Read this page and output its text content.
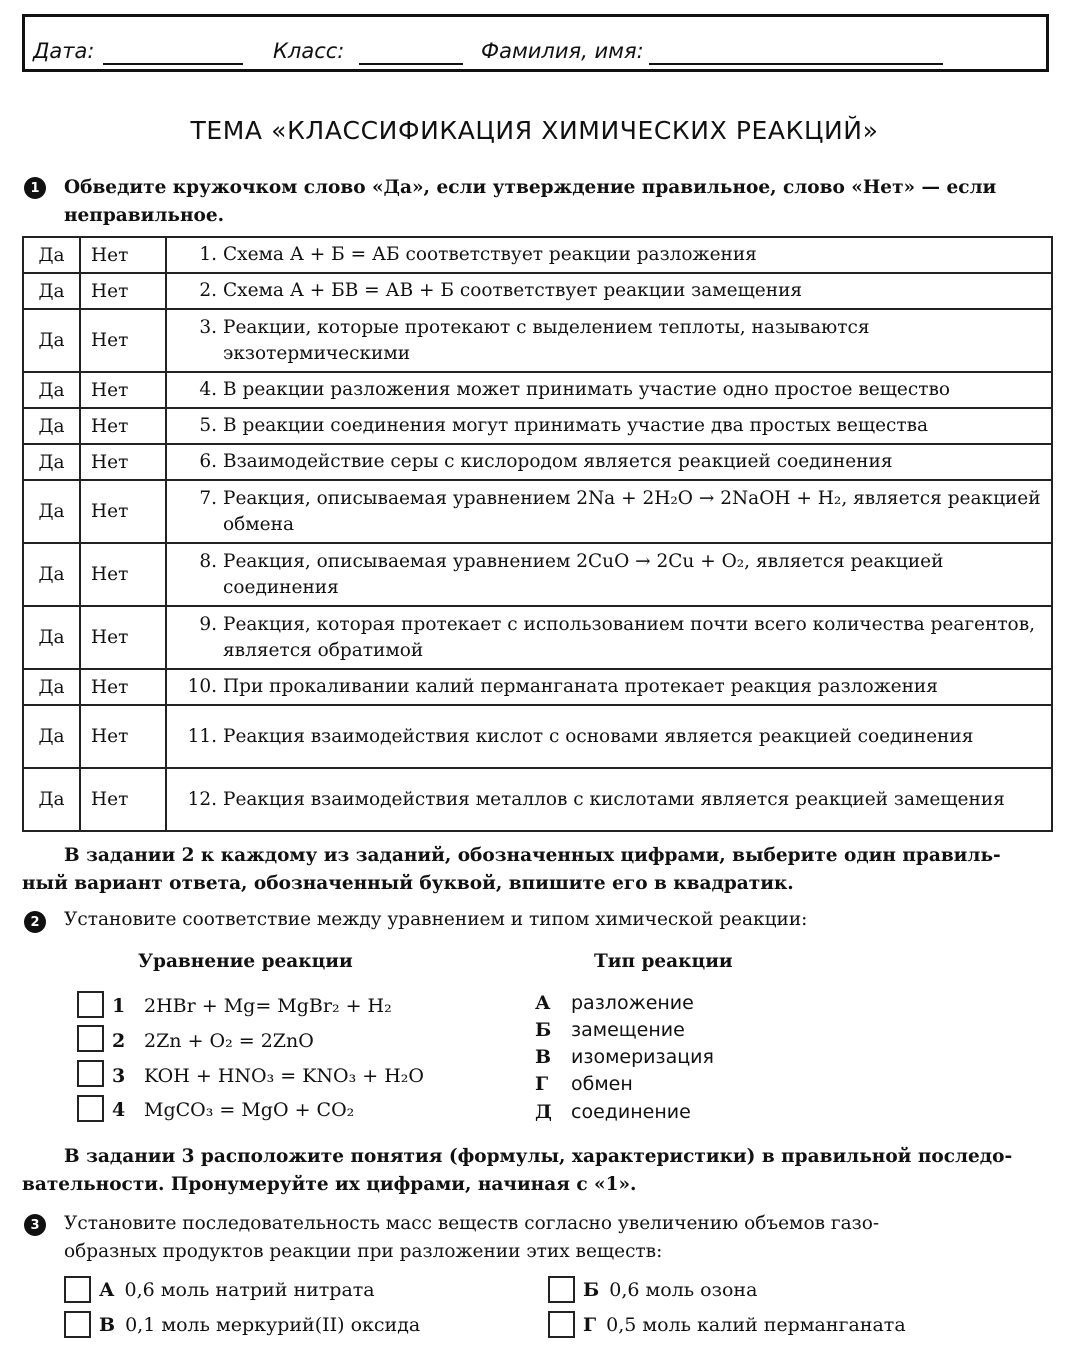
Дата:	Класс:	Фамилия, имя:
ТЕМА «КЛАССИФИКАЦИЯ ХИМИЧЕСКИХ РЕАКЦИЙ»
1	Обведите кружочком слово «Да», если утверждение правильное, слово «Нет» — если
неправильное.
Да	Нет	1. Схема А + Б = АБ соответствует реакции разложения

Да	Нет	2. Схема А + БВ = АВ + Б соответствует реакции замещения

Да	Нет	3. Реакции, которые протекают с выделением теплоты, называются экзотермическими

Да	Нет	4. В реакции разложения может принимать участие одно простое вещество

Да	Нет	5. В реакции соединения могут принимать участие два простых вещества

Да	Нет	6. Взаимодействие серы с кислородом является реакцией соединения

Да	Нет	7. Реакция, описываемая уравнением 2Na + 2H₂O → 2NaOH + H₂, является реакцией обмена

Да	Нет	8. Реакция, описываемая уравнением 2CuO → 2Cu + O₂, является реакцией соединения

Да	Нет	9. Реакция, которая протекает с использованием почти всего количества реагентов, является обратимой

Да	Нет	10. При прокаливании калий перманганата протекает реакция разложения

Да	Нет	11. Реакция взаимодействия кислот с основами является реакцией соединения

Да	Нет	12. Реакция взаимодействия металлов с кислотами является реакцией замещения
В задании 2 к каждому из заданий, обозначенных цифрами, выберите один правиль-
ный вариант ответа, обозначенный буквой, впишите его в квадратик.
2	Установите соответствие между уравнением и типом химической реакции:
Уравнение реакции	Тип реакции
1 2HBr + Mg= MgBr₂ + H₂
2 2Zn + O₂ = 2ZnO
3 KOH + HNO₃ = KNO₃ + H₂O
4 MgCO₃ = MgO + CO₂
А разложение
Б замещение
В изомеризация
Г обмен
Д соединение
В задании 3 расположите понятия (формулы, характеристики) в правильной последо-
вательности. Пронумеруйте их цифрами, начиная с «1».
3	Установите последовательность масс веществ согласно увеличению объемов газо-
образных продуктов реакции при разложении этих веществ:
А 0,6 моль натрий нитрата	Б 0,6 моль озона
В 0,1 моль меркурий(II) оксида	Г 0,5 моль калий перманганата
